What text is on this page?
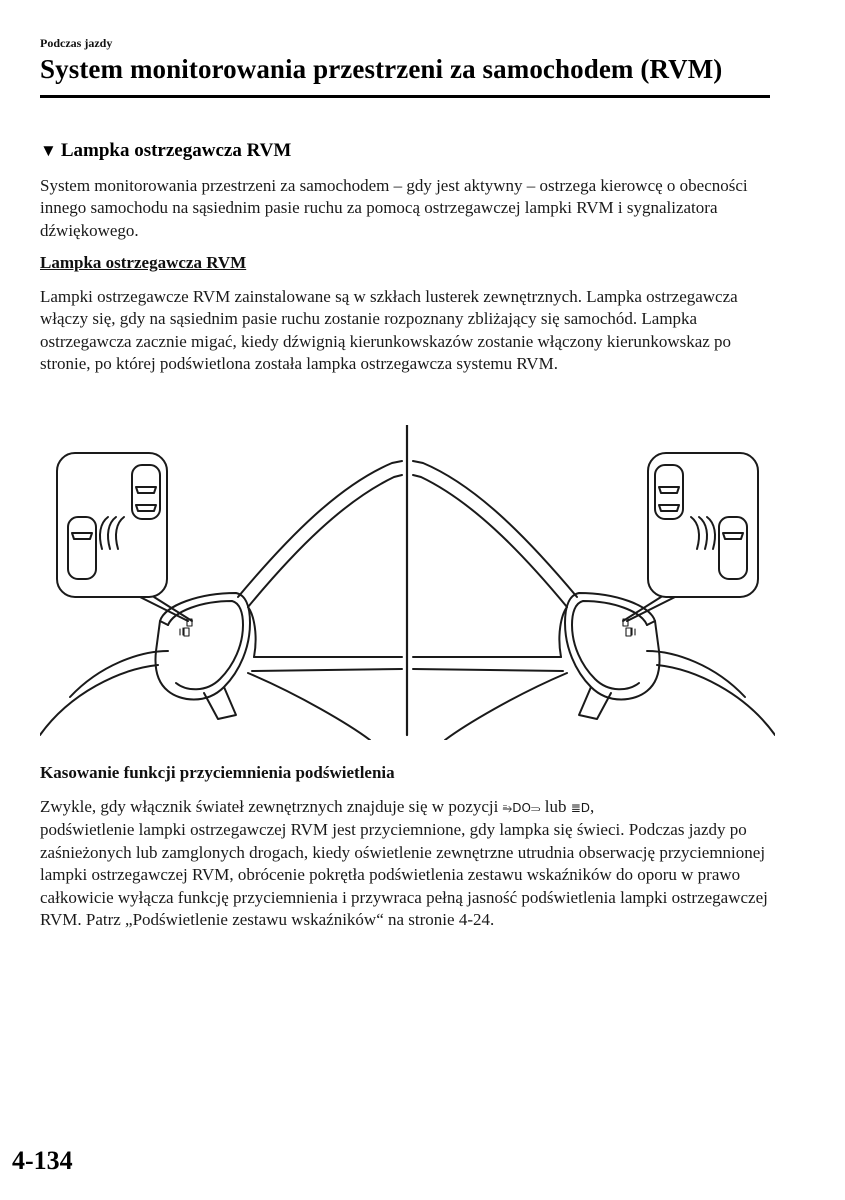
Podczas jazdy
System monitorowania przestrzeni za samochodem (RVM)
▼ Lampka ostrzegawcza RVM

System monitorowania przestrzeni za samochodem – gdy jest aktywny – ostrzega kierowcę o obecności innego samochodu na sąsiednim pasie ruchu za pomocą ostrzegawczej lampki RVM i sygnalizatora dźwiękowego.

Lampka ostrzegawcza RVM

Lampki ostrzegawcze RVM zainstalowane są w szkłach lusterek zewnętrznych. Lampka ostrzegawcza włączy się, gdy na sąsiednim pasie ruchu zostanie rozpoznany zbliżający się samochód. Lampka ostrzegawcza zacznie migać, kiedy dźwignią kierunkowskazów zostanie włączony kierunkowskaz po stronie, po której podświetlona została lampka ostrzegawcza systemu RVM.

Kasowanie funkcji przyciemnienia podświetlenia

Zwykle, gdy włącznik świateł zewnętrznych znajduje się w pozycji ⥱DO⥰ lub ≣D,
podświetlenie lampki ostrzegawczej RVM jest przyciemnione, gdy lampka się świeci. Podczas jazdy po zaśnieżonych lub zamglonych drogach, kiedy oświetlenie zewnętrzne utrudnia obserwację przyciemnionej lampki ostrzegawczej RVM, obrócenie pokrętła podświetlenia zestawu wskaźników do oporu w prawo całkowicie wyłącza funkcję przyciemnienia i przywraca pełną jasność podświetlenia lampki ostrzegawczej RVM. Patrz „Podświetlenie zestawu wskaźników“ na stronie 4-24.

4-134
